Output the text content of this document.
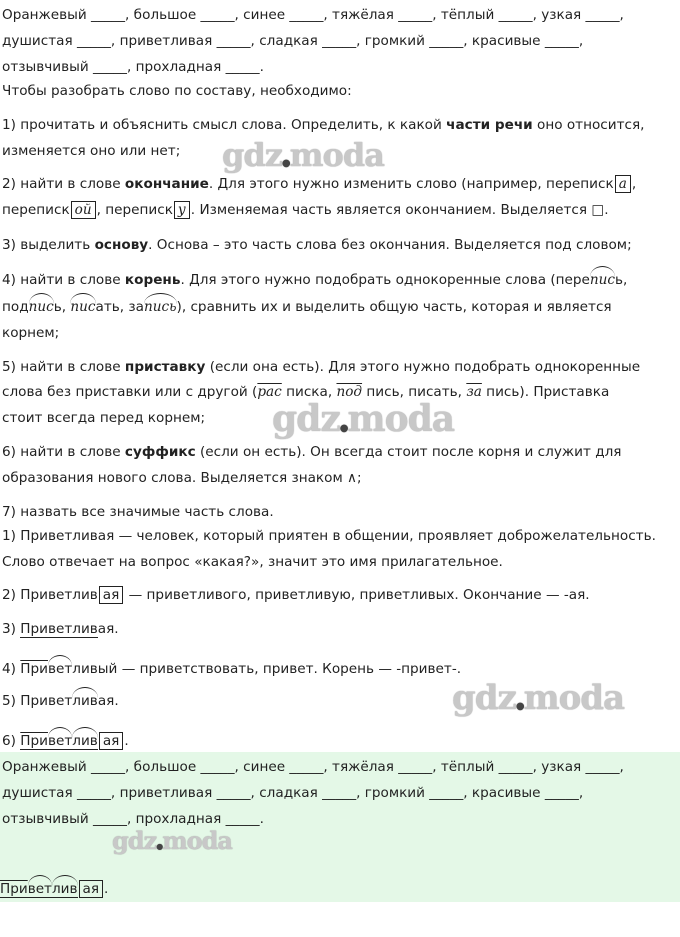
Оранжевый _____, большое _____, синее _____, тяжёлая _____, тёплый _____, узкая _____,
душистая _____, приветливая _____, сладкая _____, громкий _____, красивые _____,
отзывчивый _____, прохладная _____.
Чтобы разобрать слово по составу, необходимо:
1) прочитать и объяснить смысл слова. Определить, к какой части речи оно относится,
изменяется оно или нет;
2) найти в слове окончание. Для этого нужно изменить слово (например, переписк а ,
переписк ой , переписк у . Изменяемая часть является окончанием. Выделяется □.
3) выделить основу. Основа – это часть слова без окончания. Выделяется под словом;
4) найти в слове корень. Для этого нужно подобрать однокоренные слова (перепись,
подпись, писать, запись), сравнить их и выделить общую часть, которая и является
корнем;
5) найти в слове приставку (если она есть). Для этого нужно подобрать однокоренные
слова без приставки или с другой (рас писка, под пись, писать, за пись). Приставка
стоит всегда перед корнем;
6) найти в слове суффикс (если он есть). Он всегда стоит после корня и служит для
образования нового слова. Выделяется знаком ∧;
7) назвать все значимые часть слова.
1) Приветливая — человек, который приятен в общении, проявляет доброжелательность.
Слово отвечает на вопрос «какая?», значит это имя прилагательное.
2) Приветлив ая — приветливого, приветливую, приветливых. Окончание — -ая.
3) Приветливая.
4) Приветливый — приветствовать, привет. Корень — -привет-.
5) Приветливая.
6) Приветлив ая .
Оранжевый _____, большое _____, синее _____, тяжёлая _____, тёплый _____, узкая _____,
душистая _____, приветливая _____, сладкая _____, громкий _____, красивые _____,
отзывчивый _____, прохладная _____.
Приветлив ая .
gdz●moda
gdz●moda
gdz●moda
gdz●moda
